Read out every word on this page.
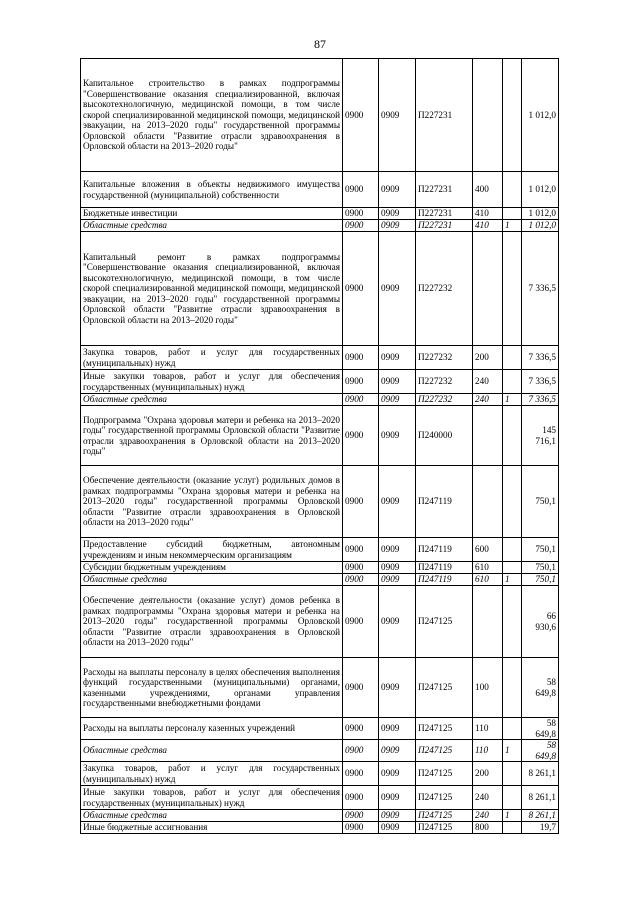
87
Капитальное строительство в рамках подпрограммы "Совершенствование оказания специализированной, включая высокотехнологичную, медицинской помощи, в том числе скорой специализированной медицинской помощи, медицинской эвакуации, на 2013–2020 годы" государственной программы Орловской области "Развитие отрасли здравоохранения в Орловской области на 2013–2020 годы"	0900	0909	П227231			1 012,0
Капитальные вложения в объекты недвижимого имущества государственной (муниципальной) собственности	0900	0909	П227231	400		1 012,0
Бюджетные инвестиции	0900	0909	П227231	410		1 012,0
Областные средства	0900	0909	П227231	410	1	1 012,0
Капитальный ремонт в рамках подпрограммы "Совершенствование оказания специализированной, включая высокотехнологичную, медицинской помощи, в том числе скорой специализированной медицинской помощи, медицинской эвакуации, на 2013–2020 годы" государственной программы Орловской области "Развитие отрасли здравоохранения в Орловской области на 2013–2020 годы"	0900	0909	П227232			7 336,5
Закупка товаров, работ и услуг для государственных (муниципальных) нужд	0900	0909	П227232	200		7 336,5
Иные закупки товаров, работ и услуг для обеспечения государственных (муниципальных) нужд	0900	0909	П227232	240		7 336,5
Областные средства	0900	0909	П227232	240	1	7 336,5
Подпрограмма "Охрана здоровья матери и ребенка на 2013–2020 годы" государственной программы Орловской области "Развитие отрасли здравоохранения в Орловской области на 2013–2020 годы"	0900	0909	П240000			145 716,1
Обеспечение деятельности (оказание услуг) родильных домов в рамках подпрограммы "Охрана здоровья матери и ребенка на 2013–2020 годы" государственной программы Орловской области "Развитие отрасли здравоохранения в Орловской области на 2013–2020 годы"	0900	0909	П247119			750,1
Предоставление субсидий бюджетным, автономным учреждениям и иным некоммерческим организациям	0900	0909	П247119	600		750,1
Субсидии бюджетным учреждениям	0900	0909	П247119	610		750,1
Областные средства	0900	0909	П247119	610	1	750,1
Обеспечение деятельности (оказание услуг) домов ребенка в рамках подпрограммы "Охрана здоровья матери и ребенка на 2013–2020 годы" государственной программы Орловской области "Развитие отрасли здравоохранения в Орловской области на 2013–2020 годы"	0900	0909	П247125			66 930,6
Расходы на выплаты персоналу в целях обеспечения выполнения функций государственными (муниципальными) органами, казенными учреждениями, органами управления государственными внебюджетными фондами	0900	0909	П247125	100		58 649,8
Расходы на выплаты персоналу казенных учреждений	0900	0909	П247125	110		58 649,8
Областные средства	0900	0909	П247125	110	1	58 649,8
Закупка товаров, работ и услуг для государственных (муниципальных) нужд	0900	0909	П247125	200		8 261,1
Иные закупки товаров, работ и услуг для обеспечения государственных (муниципальных) нужд	0900	0909	П247125	240		8 261,1
Областные средства	0900	0909	П247125	240	1	8 261,1
Иные бюджетные ассигнования	0900	0909	П247125	800		19,7
